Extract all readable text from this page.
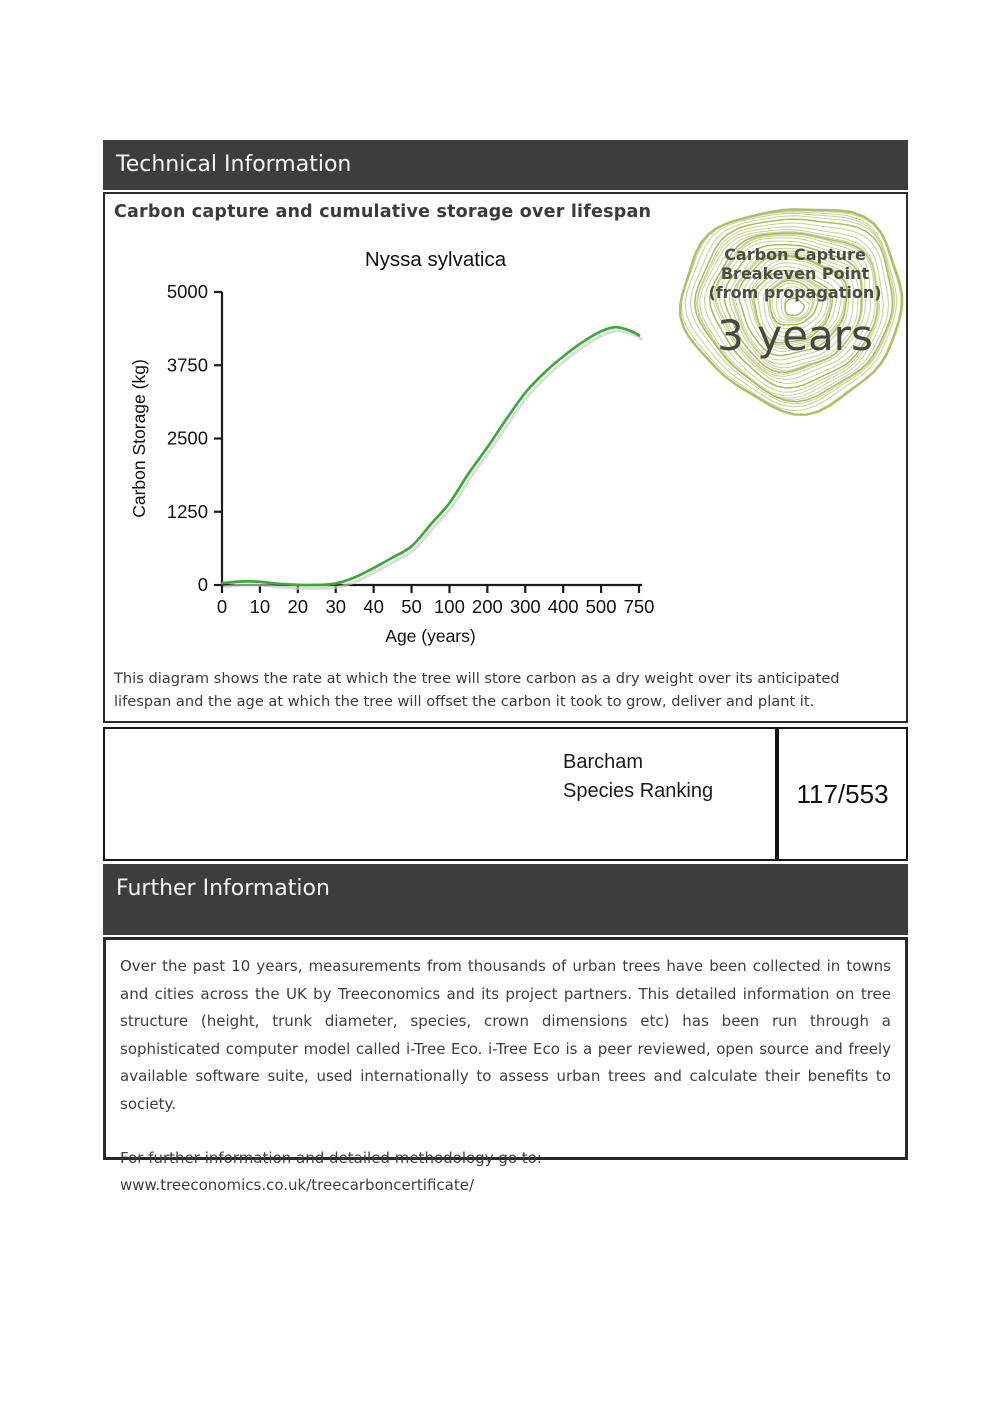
Technical Information
Carbon capture and cumulative storage over lifespan
Nyssa sylvatica
Carbon Storage (kg)
Age (years)
0
1250
2500
3750
5000
0 10 20 30 40 50 100 200 300 400 500 750
This diagram shows the rate at which the tree will store carbon as a dry weight over its anticipated lifespan and the age at which the tree will offset the carbon it took to grow, deliver and plant it.
Carbon Capture
Breakeven Point
(from propagation)
3 years
Barcham
Species Ranking	117/553
Further Information
Over the past 10 years, measurements from thousands of urban trees have been collected in towns and cities across the UK by Treeconomics and its project partners. This detailed information on tree structure (height, trunk diameter, species, crown dimensions etc) has been run through a sophisticated computer model called i-Tree Eco. i-Tree Eco is a peer reviewed, open source and freely available software suite, used internationally to assess urban trees and calculate their benefits to society.
For further information and detailed methodology go to: www.treeconomics.co.uk/treecarboncertificate/
